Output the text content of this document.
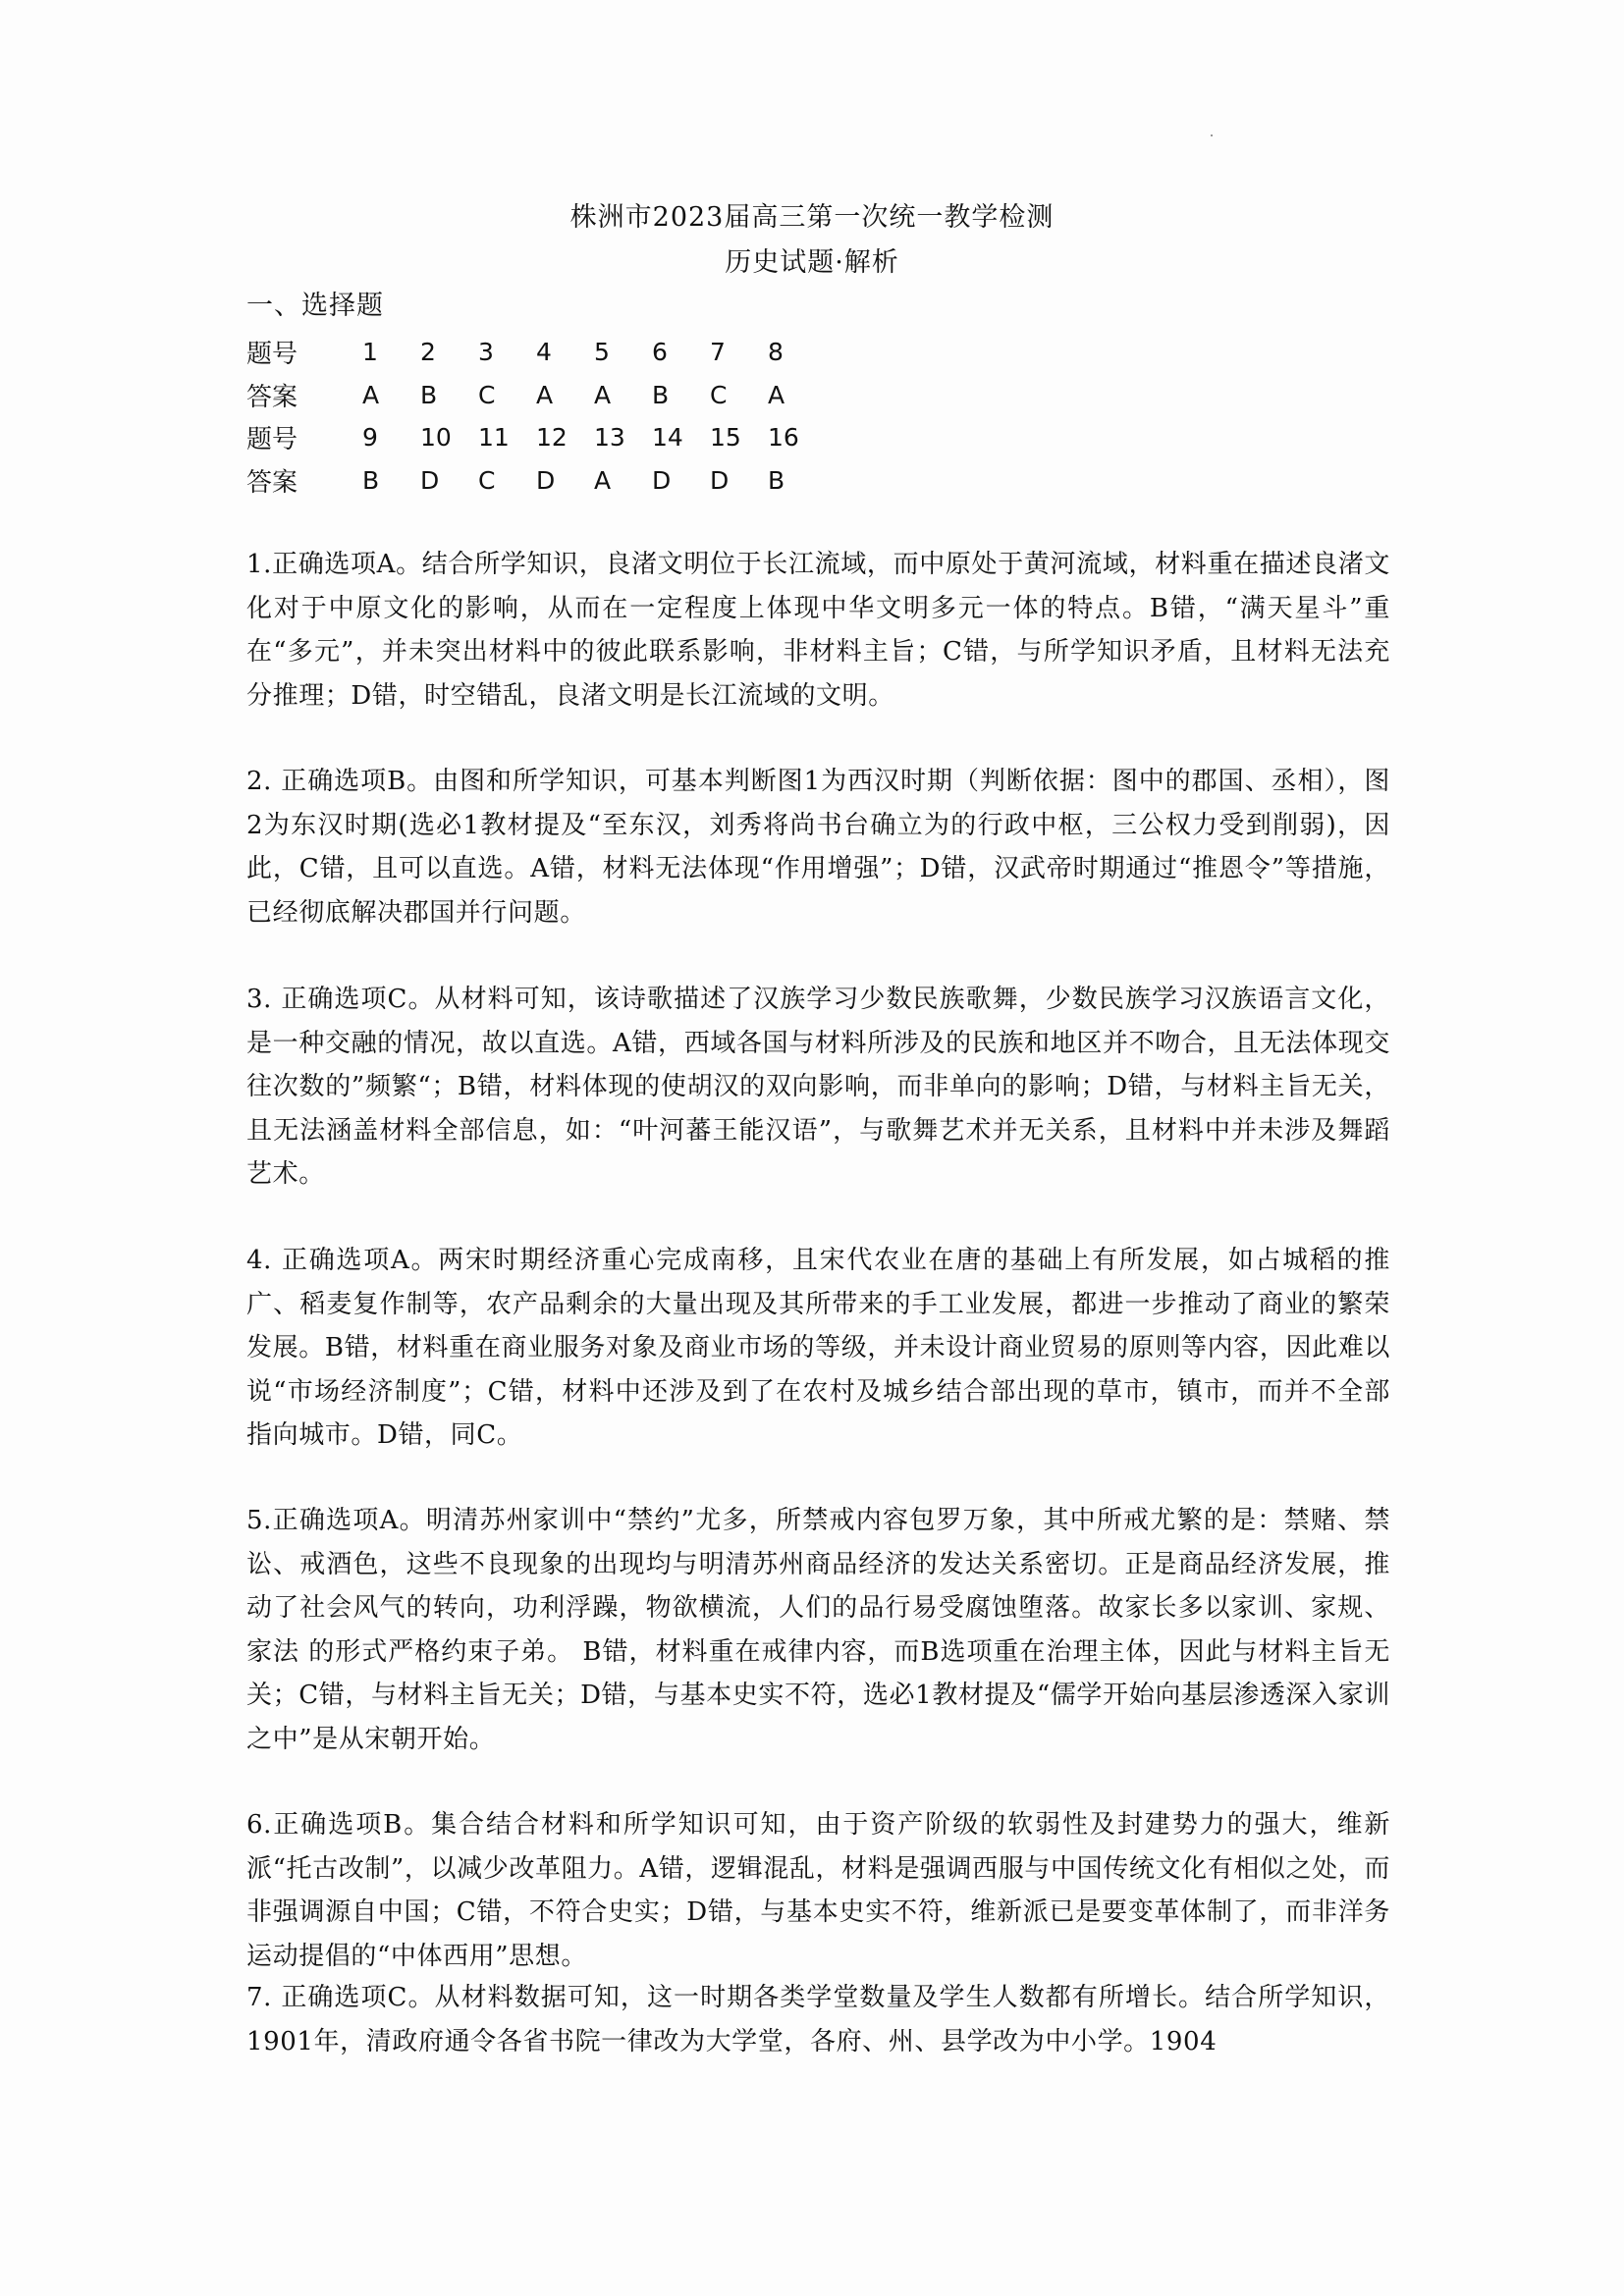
株洲市2023届高三第一次统一教学检测
历史试题·解析
一、选择题
题号	1	2	3	4	5	6	7	8
答案	A	B	C	A	A	B	C	A
题号	9	10	11	12	13	14	15	16
答案	B	D	C	D	A	D	D	B
1.正确选项A。结合所学知识，良渚文明位于长江流域，而中原处于黄河流域，材料重在描述良渚文化对于中原文化的影响，从而在一定程度上体现中华文明多元一体的特点。B错，“满天星斗”重在“多元”，并未突出材料中的彼此联系影响，非材料主旨；C错，与所学知识矛盾，且材料无法充分推理；D错，时空错乱，良渚文明是长江流域的文明。
2. 正确选项B。由图和所学知识，可基本判断图1为西汉时期（判断依据：图中的郡国、丞相），图2为东汉时期(选必1教材提及“至东汉，刘秀将尚书台确立为的行政中枢，三公权力受到削弱)，因此，C错，且可以直选。A错，材料无法体现“作用增强”；D错，汉武帝时期通过“推恩令”等措施，已经彻底解决郡国并行问题。
3. 正确选项C。从材料可知，该诗歌描述了汉族学习少数民族歌舞，少数民族学习汉族语言文化，是一种交融的情况，故以直选。A错，西域各国与材料所涉及的民族和地区并不吻合，且无法体现交往次数的”频繁“；B错，材料体现的使胡汉的双向影响，而非单向的影响；D错，与材料主旨无关，且无法涵盖材料全部信息，如：“叶河蕃王能汉语”，与歌舞艺术并无关系，且材料中并未涉及舞蹈艺术。
4. 正确选项A。两宋时期经济重心完成南移，且宋代农业在唐的基础上有所发展，如占城稻的推广、稻麦复作制等，农产品剩余的大量出现及其所带来的手工业发展，都进一步推动了商业的繁荣发展。B错，材料重在商业服务对象及商业市场的等级，并未设计商业贸易的原则等内容，因此难以说“市场经济制度”；C错，材料中还涉及到了在农村及城乡结合部出现的草市，镇市，而并不全部指向城市。D错，同C。
5.正确选项A。明清苏州家训中“禁约”尤多，所禁戒内容包罗万象，其中所戒尤繁的是：禁赌、禁讼、戒酒色，这些不良现象的出现均与明清苏州商品经济的发达关系密切。正是商品经济发展，推动了社会风气的转向，功利浮躁，物欲横流，人们的品行易受腐蚀堕落。故家长多以家训、家规、家法 的形式严格约束子弟。 B错，材料重在戒律内容，而B选项重在治理主体，因此与材料主旨无关；C错，与材料主旨无关；D错，与基本史实不符，选必1教材提及“儒学开始向基层渗透深入家训之中”是从宋朝开始。
6.正确选项B。集合结合材料和所学知识可知，由于资产阶级的软弱性及封建势力的强大，维新派“托古改制”，以减少改革阻力。A错，逻辑混乱，材料是强调西服与中国传统文化有相似之处，而非强调源自中国；C错，不符合史实；D错，与基本史实不符，维新派已是要变革体制了，而非洋务运动提倡的“中体西用”思想。
7. 正确选项C。从材料数据可知，这一时期各类学堂数量及学生人数都有所增长。结合所学知识，1901年，清政府通令各省书院一律改为大学堂，各府、州、县学改为中小学。1904
